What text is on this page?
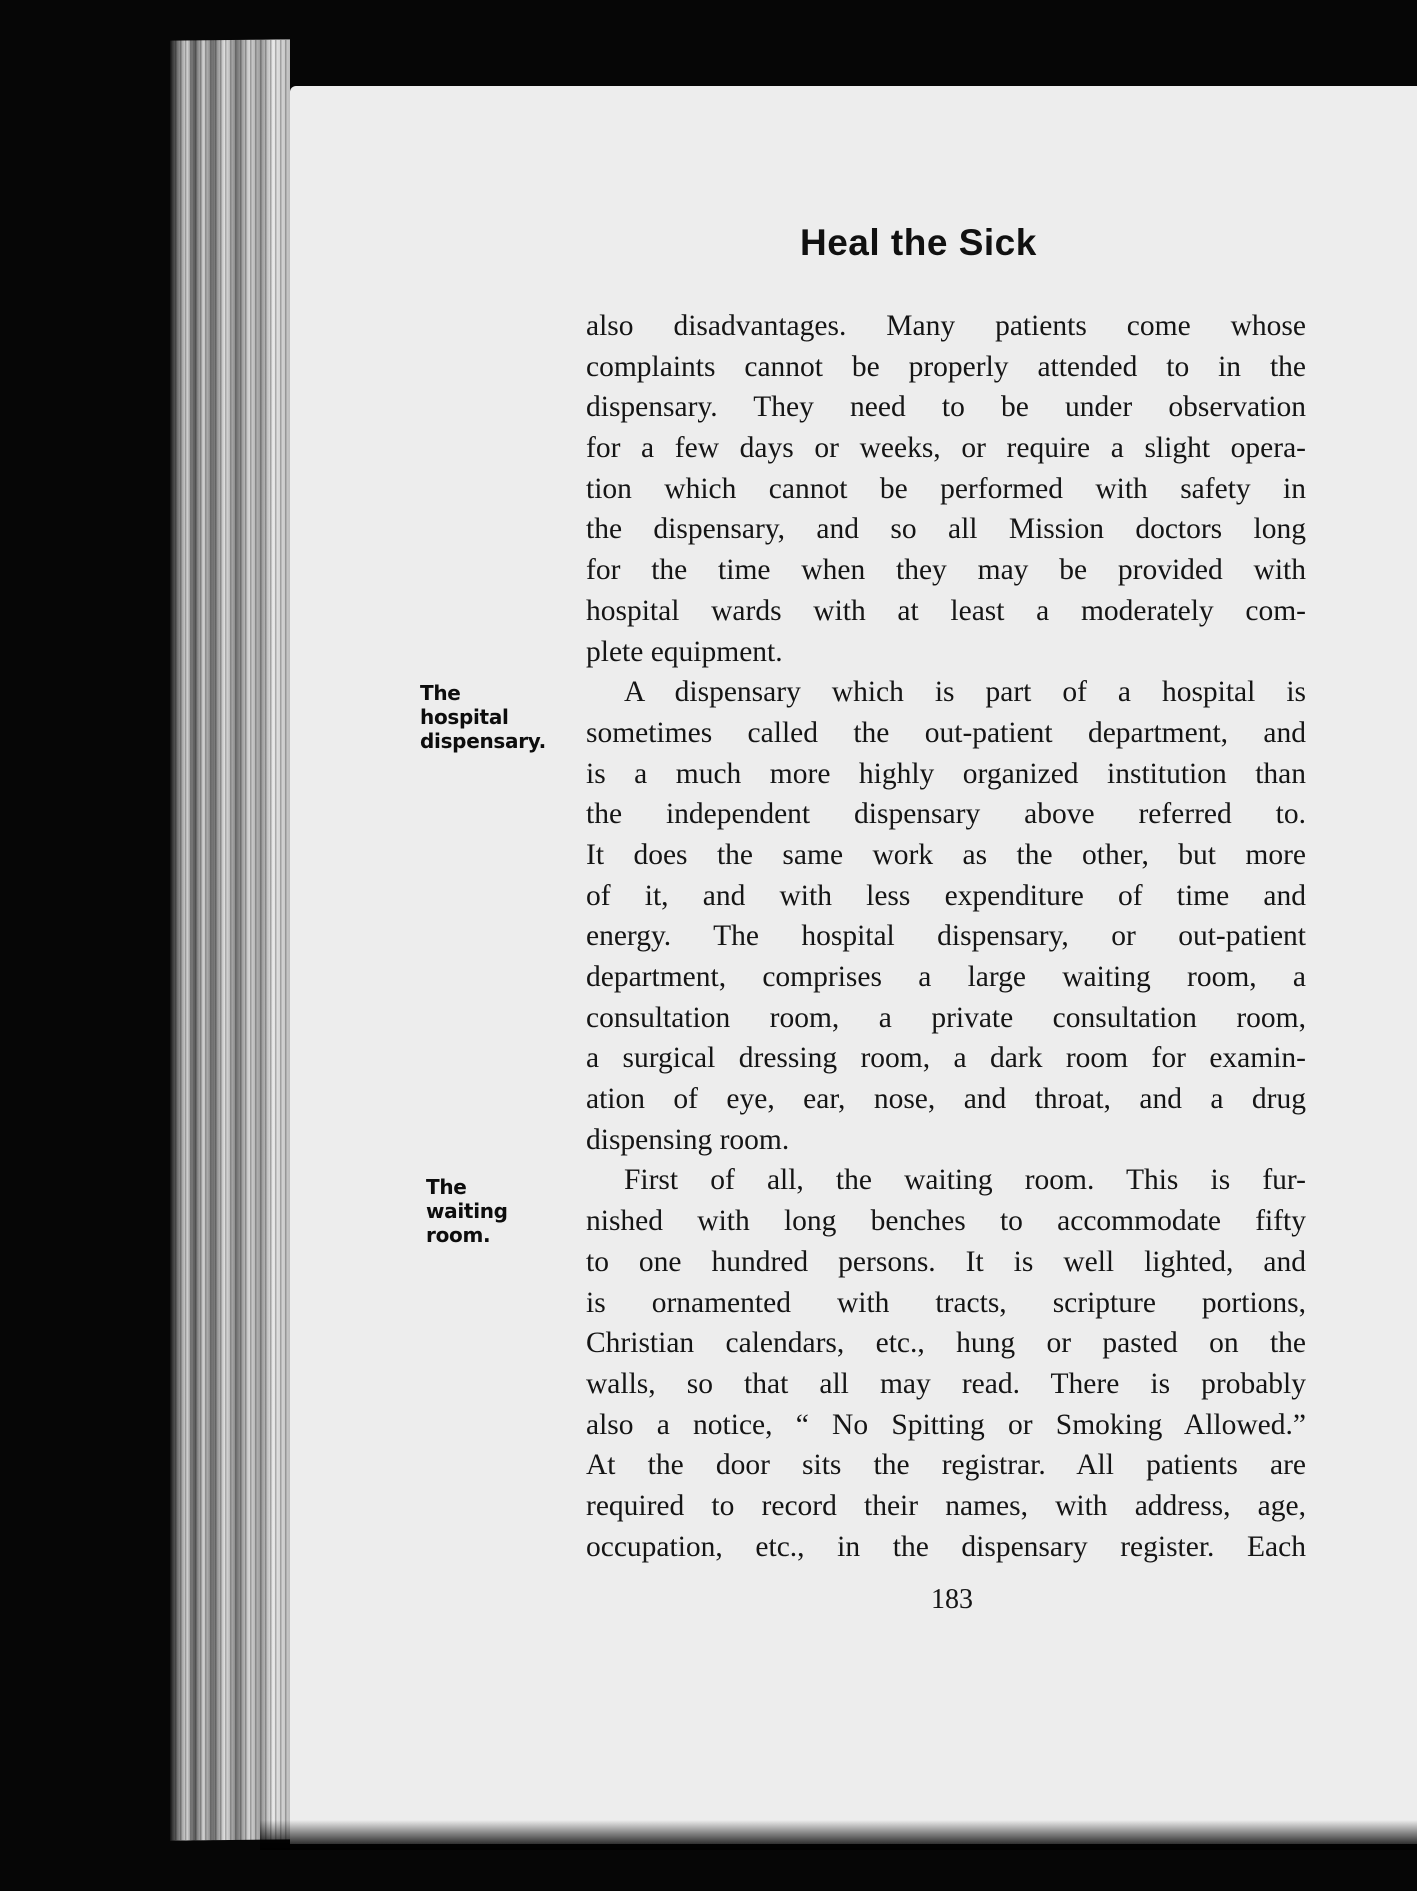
Heal the Sick
The
hospital
dispensary.
The
waiting
room.
also disadvantages. Many patients come whose
complaints cannot be properly attended to in the
dispensary. They need to be under observation
for a few days or weeks, or require a slight opera-
tion which cannot be performed with safety in
the dispensary, and so all Mission doctors long
for the time when they may be provided with
hospital wards with at least a moderately com-
plete equipment.
A dispensary which is part of a hospital is
sometimes called the out-patient department, and
is a much more highly organized institution than
the independent dispensary above referred to.
It does the same work as the other, but more
of it, and with less expenditure of time and
energy. The hospital dispensary, or out-patient
department, comprises a large waiting room, a
consultation room, a private consultation room,
a surgical dressing room, a dark room for examin-
ation of eye, ear, nose, and throat, and a drug
dispensing room.
First of all, the waiting room. This is fur-
nished with long benches to accommodate fifty
to one hundred persons. It is well lighted, and
is ornamented with tracts, scripture portions,
Christian calendars, etc., hung or pasted on the
walls, so that all may read. There is probably
also a notice, “ No Spitting or Smoking Allowed.”
At the door sits the registrar. All patients are
required to record their names, with address, age,
occupation, etc., in the dispensary register. Each
183
